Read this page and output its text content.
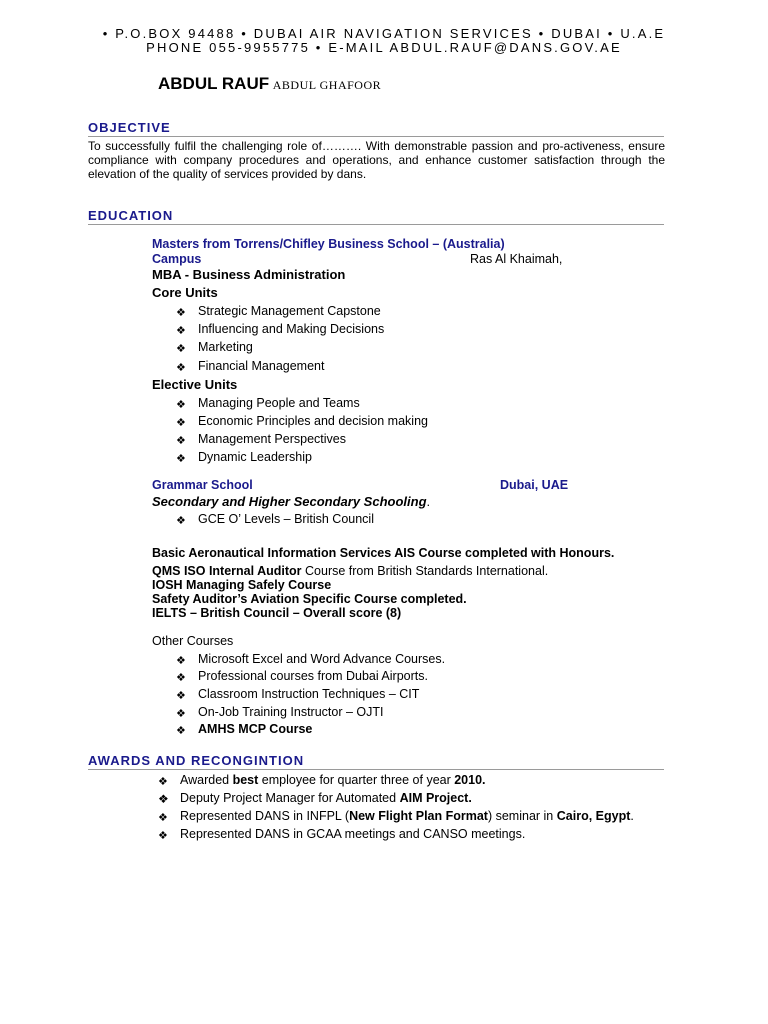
• P.O.BOX 94488 • DUBAI AIR NAVIGATION SERVICES • DUBAI • U.A.E
PHONE 055-9955775 • E-MAIL ABDUL.RAUF@DANS.GOV.AE
ABDUL RAUF ABDUL GHAFOOR
OBJECTIVE
To successfully fulfil the challenging role of………. With demonstrable passion and pro-activeness, ensure compliance with company procedures and operations, and enhance customer satisfaction through the elevation of the quality of services provided by dans.
EDUCATION
Masters from Torrens/Chifley Business School – (Australia)
Campus	Ras Al Khaimah,
MBA - Business Administration
Core Units
❖ Strategic Management Capstone
❖ Influencing and Making Decisions
❖ Marketing
❖ Financial Management
Elective Units
❖ Managing People and Teams
❖ Economic Principles and decision making
❖ Management Perspectives
❖ Dynamic Leadership
Grammar School	Dubai, UAE
Secondary and Higher Secondary Schooling.
❖ GCE O’ Levels – British Council
Basic Aeronautical Information Services AIS Course completed with Honours.
QMS ISO Internal Auditor Course from British Standards International.
IOSH Managing Safely Course
Safety Auditor’s Aviation Specific Course completed.
IELTS – British Council – Overall score (8)
Other Courses
❖ Microsoft Excel and Word Advance Courses.
❖ Professional courses from Dubai Airports.
❖ Classroom Instruction Techniques – CIT
❖ On-Job Training Instructor – OJTI
❖ AMHS MCP Course
AWARDS AND RECONGINTION
❖ Awarded best employee for quarter three of year 2010.
❖ Deputy Project Manager for Automated AIM Project.
❖ Represented DANS in INFPL (New Flight Plan Format) seminar in Cairo, Egypt.
❖ Represented DANS in GCAA meetings and CANSO meetings.
